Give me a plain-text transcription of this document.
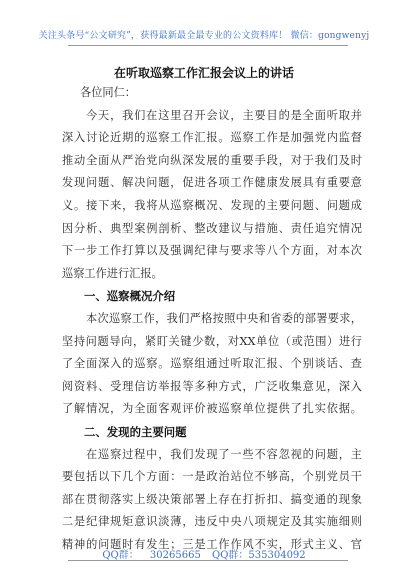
关注头条号“公文研究”，获得最新最全最专业的公文资料库！ 微信：gongwenyj
在听取巡察工作汇报会议上的讲话
各位同仁：
今天，我们在这里召开会议，主要目的是全面听取并
深入讨论近期的巡察工作汇报。巡察工作是加强党内监督
推动全面从严治党向纵深发展的重要手段，对于我们及时
发现问题、解决问题，促进各项工作健康发展具有重要意
义。接下来，我将从巡察概况、发现的主要问题、问题成
因分析、典型案例剖析、整改建议与措施、责任追究情况
下一步工作打算以及强调纪律与要求等八个方面，对本次
巡察工作进行汇报。
一、巡察概况介绍
本次巡察工作，我们严格按照中央和省委的部署要求，
坚持问题导向，紧盯关键少数，对XX单位（或范围）进行
了全面深入的巡察。巡察组通过听取汇报、个别谈话、查
阅资料、受理信访举报等多种方式，广泛收集意见，深入
了解情况，为全面客观评价被巡察单位提供了扎实依据。
二、发现的主要问题
在巡察过程中，我们发现了一些不容忽视的问题，主
要包括以下几个方面：一是政治站位不够高，个别党员干
部在贯彻落实上级决策部署上存在打折扣、搞变通的现象
二是纪律规矩意识淡薄，违反中央八项规定及其实施细则
精神的问题时有发生；三是工作作风不实，形式主义、官
QQ群： 30265665 QQ群：535304092
